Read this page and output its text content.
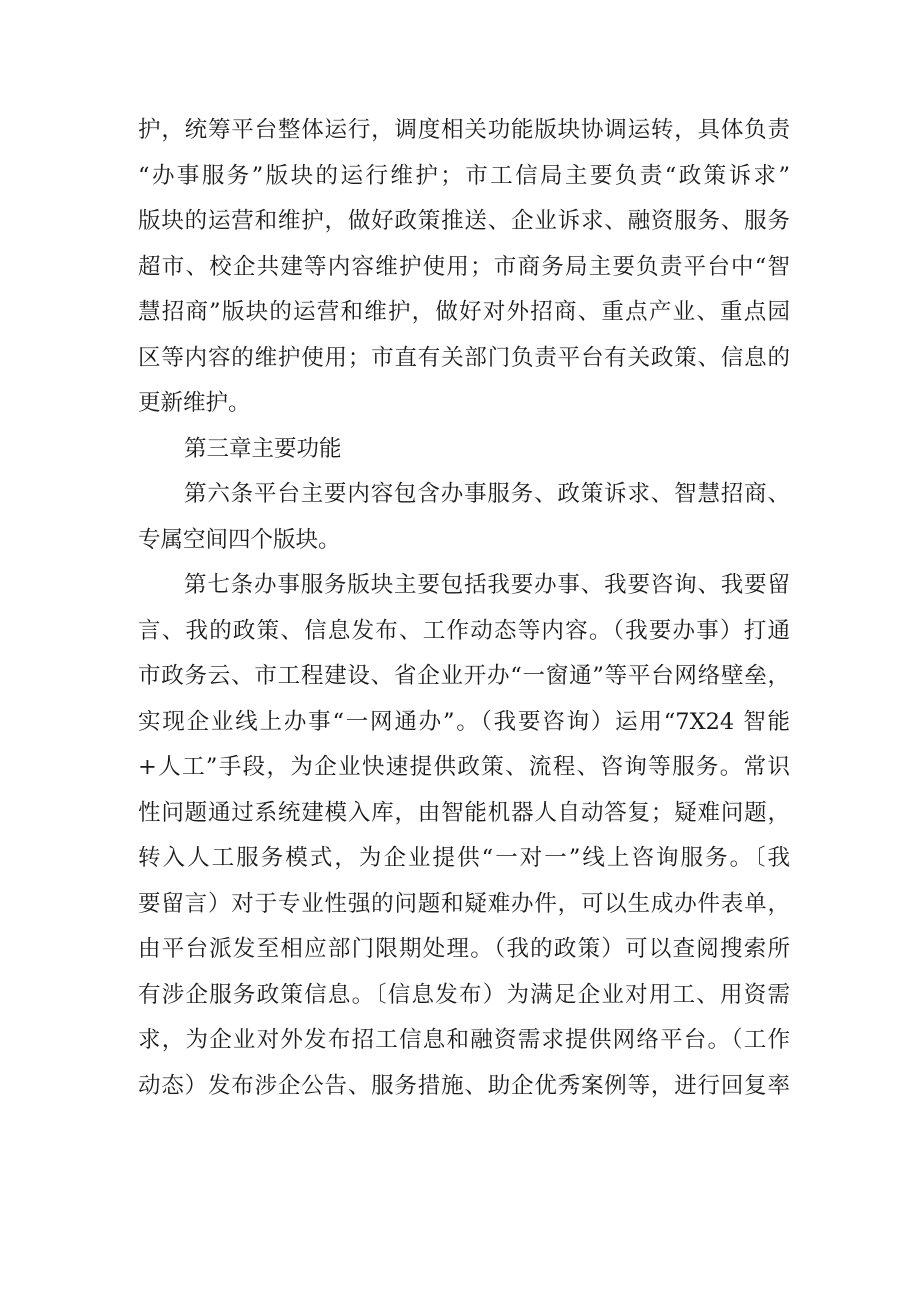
护，统筹平台整体运行，调度相关功能版块协调运转，具体负责
“办事服务”版块的运行维护；市工信局主要负责“政策诉求”
版块的运营和维护，做好政策推送、企业诉求、融资服务、服务
超市、校企共建等内容维护使用；市商务局主要负责平台中“智
慧招商”版块的运营和维护，做好对外招商、重点产业、重点园
区等内容的维护使用；市直有关部门负责平台有关政策、信息的
更新维护。
第三章主要功能
第六条平台主要内容包含办事服务、政策诉求、智慧招商、
专属空间四个版块。
第七条办事服务版块主要包括我要办事、我要咨询、我要留
言、我的政策、信息发布、工作动态等内容。（我要办事）打通
市政务云、市工程建设、省企业开办“一窗通”等平台网络壁垒，
实现企业线上办事“一网通办”。（我要咨询）运用“7X24 智能
+人工”手段，为企业快速提供政策、流程、咨询等服务。常识
性问题通过系统建模入库，由智能机器人自动答复；疑难问题，
转入人工服务模式，为企业提供“一对一”线上咨询服务。〔我
要留言）对于专业性强的问题和疑难办件，可以生成办件表单，
由平台派发至相应部门限期处理。（我的政策）可以查阅搜索所
有涉企服务政策信息。〔信息发布）为满足企业对用工、用资需
求，为企业对外发布招工信息和融资需求提供网络平台。（工作
动态）发布涉企公告、服务措施、助企优秀案例等，进行回复率
